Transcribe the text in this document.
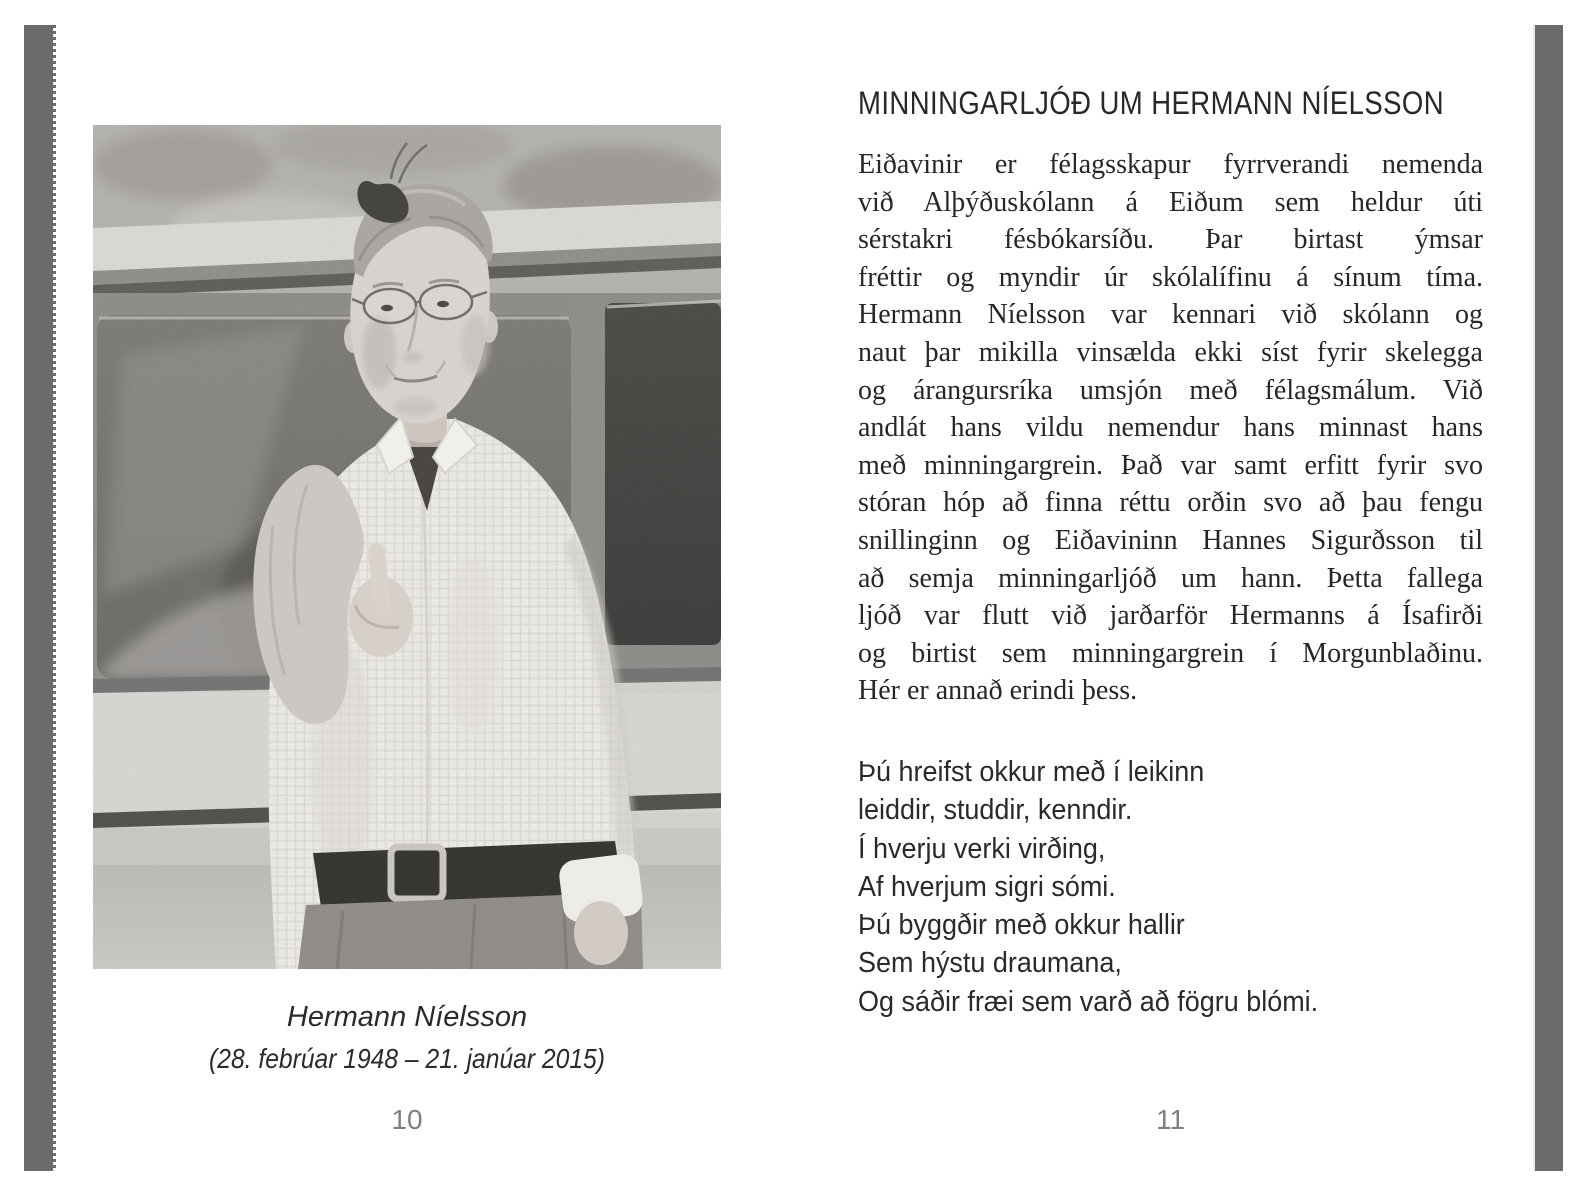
Hermann Níelsson
(28. febrúar 1948 – 21. janúar 2015)
10
MINNINGARLJÓÐ UM HERMANN NÍELSSON
Eiðavinir er félagsskapur fyrrverandi nemenda
við Alþýðuskólann á Eiðum sem heldur úti
sérstakri fésbókarsíðu. Þar birtast ýmsar
fréttir og myndir úr skólalífinu á sínum tíma.
Hermann Níelsson var kennari við skólann og
naut þar mikilla vinsælda ekki síst fyrir skelegga
og árangursríka umsjón með félagsmálum. Við
andlát hans vildu nemendur hans minnast hans
með minningargrein. Það var samt erfitt fyrir svo
stóran hóp að finna réttu orðin svo að þau fengu
snillinginn og Eiðavininn Hannes Sigurðsson til
að semja minningarljóð um hann. Þetta fallega
ljóð var flutt við jarðarför Hermanns á Ísafirði
og birtist sem minningargrein í Morgunblaðinu.
Hér er annað erindi þess.
Þú hreifst okkur með í leikinn
leiddir, studdir, kenndir.
Í hverju verki virðing,
Af hverjum sigri sómi.
Þú byggðir með okkur hallir
Sem hýstu draumana,
Og sáðir fræi sem varð að fögru blómi.
11
